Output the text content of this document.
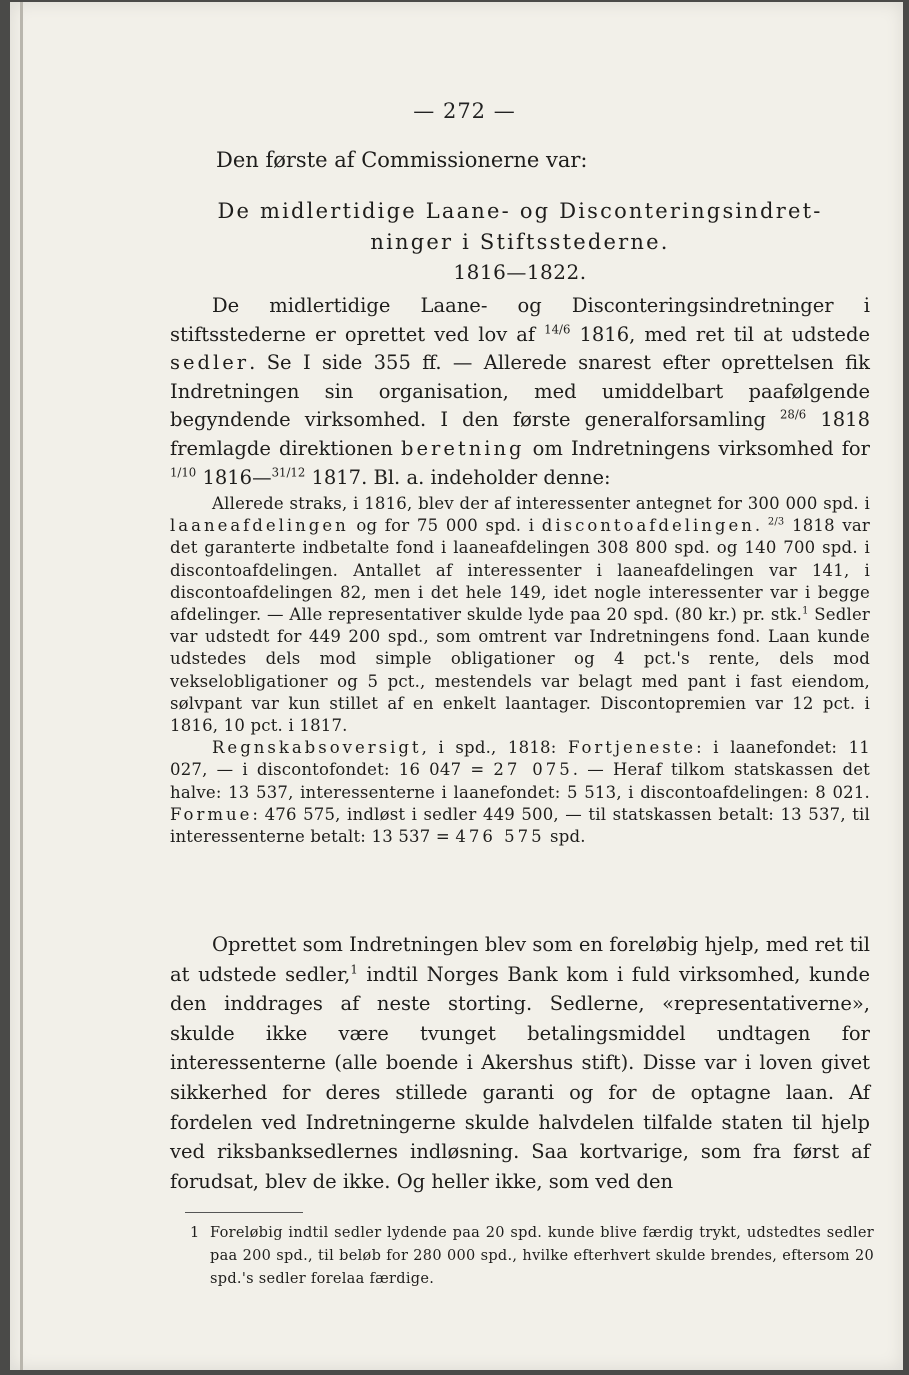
— 272 —
Den første af Commissionerne var:
De midlertidige Laane- og Disconteringsindret-
ninger i Stiftsstederne.
1816—1822.
De midlertidige Laane- og Disconteringsindretninger i stiftsstederne er oprettet ved lov af $^{14/6}$ 1816, med ret til at udstede sedler. Se I side 355 ff. — Allerede snarest efter oprettelsen fik Indretningen sin organisation, med umiddelbart paafølgende begyndende virksomhed. I den første generalforsamling $^{28/6}$ 1818 fremlagde direktionen beretning om Indretningens virksomhed for $^{1/10}$ 1816—$^{31/12}$ 1817. Bl. a. indeholder denne:

Allerede straks, i 1816, blev der af interessenter antegnet for 300 000 spd. i laaneafdelingen og for 75 000 spd. i discontoafdelingen. $^{2/3}$ 1818 var det garanterte indbetalte fond i laaneafdelingen 308 800 spd. og 140 700 spd. i discontoafdelingen. Antallet af interessenter i laaneafdelingen var 141, i discontoafdelingen 82, men i det hele 149, idet nogle interessenter var i begge afdelinger. — Alle representativer skulde lyde paa 20 spd. (80 kr.) pr. stk.$^1$ Sedler var udstedt for 449 200 spd., som omtrent var Indretningens fond. Laan kunde udstedes dels mod simple obligationer og 4 pct.'s rente, dels mod vekselobligationer og 5 pct., mestendels var belagt med pant i fast eiendom, sølvpant var kun stillet af en enkelt laantager. Discontopremien var 12 pct. i 1816, 10 pct. i 1817.

Regnskabsoversigt, i spd., 1818: Fortjeneste: i laanefondet: 11 027, — i discontofondet: 16 047 = 27 075. — Heraf tilkom statskassen det halve: 13 537, interessenterne i laanefondet: 5 513, i discontoafdelingen: 8 021. Formue: 476 575, indløst i sedler 449 500, — til statskassen betalt: 13 537, til interessenterne betalt: 13 537 = 476 575 spd.

Oprettet som Indretningen blev som en foreløbig hjelp, med ret til at udstede sedler,$^1$ indtil Norges Bank kom i fuld virksomhed, kunde den inddrages af neste storting. Sedlerne, «representativerne», skulde ikke være tvunget betalingsmiddel undtagen for interessenterne (alle boende i Akershus stift). Disse var i loven givet sikkerhed for deres stillede garanti og for de optagne laan. Af fordelen ved Indretningerne skulde halvdelen tilfalde staten til hjelp ved riksbanksedlernes indløsning. Saa kortvarige, som fra først af forudsat, blev de ikke. Og heller ikke, som ved den
1 Foreløbig indtil sedler lydende paa 20 spd. kunde blive færdig trykt, udstedtes sedler paa 200 spd., til beløb for 280 000 spd., hvilke efterhvert skulde brendes, eftersom 20 spd.'s sedler forelaa færdige.
